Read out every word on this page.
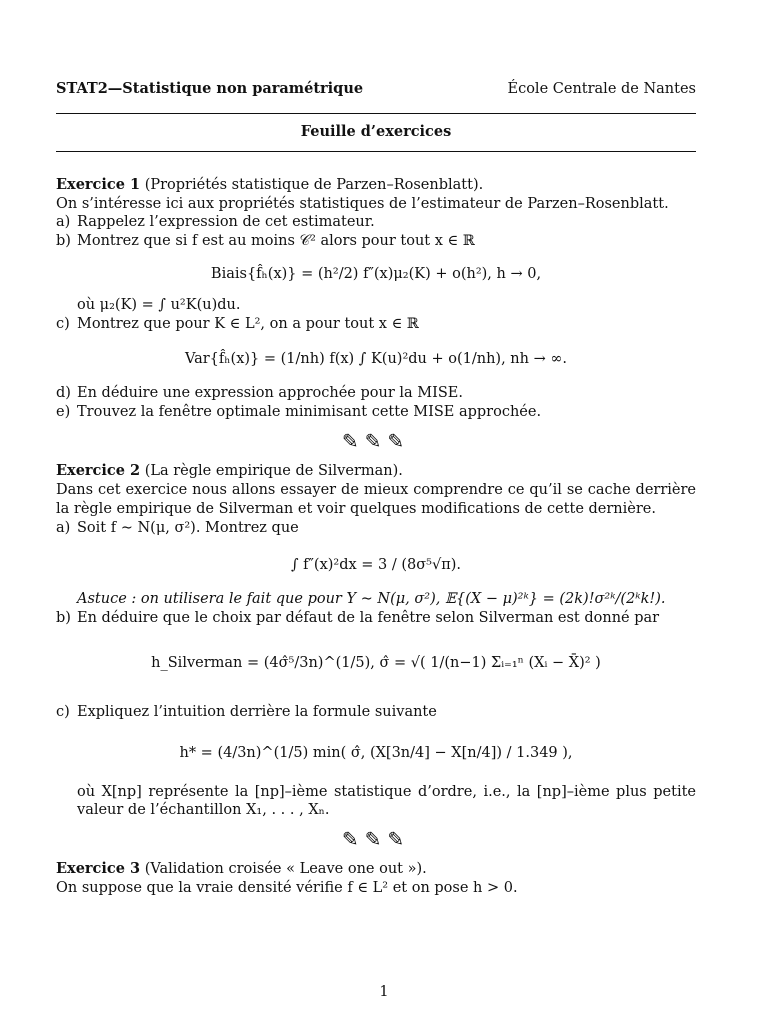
STAT2—Statistique non paramétrique	École Centrale de Nantes
Feuille d’exercices

Exercice 1 (Propriétés statistique de Parzen–Rosenblatt).

On s’intéresse ici aux propriétés statistiques de l’estimateur de Parzen–Rosenblatt.

a) Rappelez l’expression de cet estimateur.
b) Montrez que si f est au moins 𝒞² alors pour tout x ∈ ℝ
Biais{f̂ₕ(x)} = (h²/2) f″(x)μ₂(K) + o(h²), h → 0,

où μ₂(K) = ∫ u²K(u)du.

c) Montrez que pour K ∈ L², on a pour tout x ∈ ℝ
Var{f̂ₕ(x)} = (1/nh) f(x) ∫ K(u)²du + o(1/nh), nh → ∞.
d) En déduire une expression approchée pour la MISE.
e) Trouvez la fenêtre optimale minimisant cette MISE approchée.
✎✎✎

Exercice 2 (La règle empirique de Silverman).

Dans cet exercice nous allons essayer de mieux comprendre ce qu’il se cache derrière la règle empirique de Silverman et voir quelques modifications de cette dernière.

a) Soit f ∼ N(μ, σ²). Montrez que
∫ f″(x)²dx = 3 / (8σ⁵√π).

Astuce : on utilisera le fait que pour Y ∼ N(μ, σ²), 𝔼{(X − μ)²ᵏ} = (2k)!σ²ᵏ/(2ᵏk!).

b) En déduire que le choix par défaut de la fenêtre selon Silverman est donné par
h_Silverman = (4σ̂⁵/3n)^(1/5), σ̂ = √( 1/(n−1) Σᵢ₌₁ⁿ (Xᵢ − X̄)² )
c) Expliquez l’intuition derrière la formule suivante
h* = (4/3n)^(1/5) min( σ̂, (X[3n/4] − X[n/4]) / 1.349 ),

où X[np] représente la [np]–ième statistique d’ordre, i.e., la [np]–ième plus petite valeur de l’échantillon X₁, . . . , Xₙ.

✎✎✎

Exercice 3 (Validation croisée « Leave one out »).

On suppose que la vraie densité vérifie f ∈ L² et on pose h > 0.

1
